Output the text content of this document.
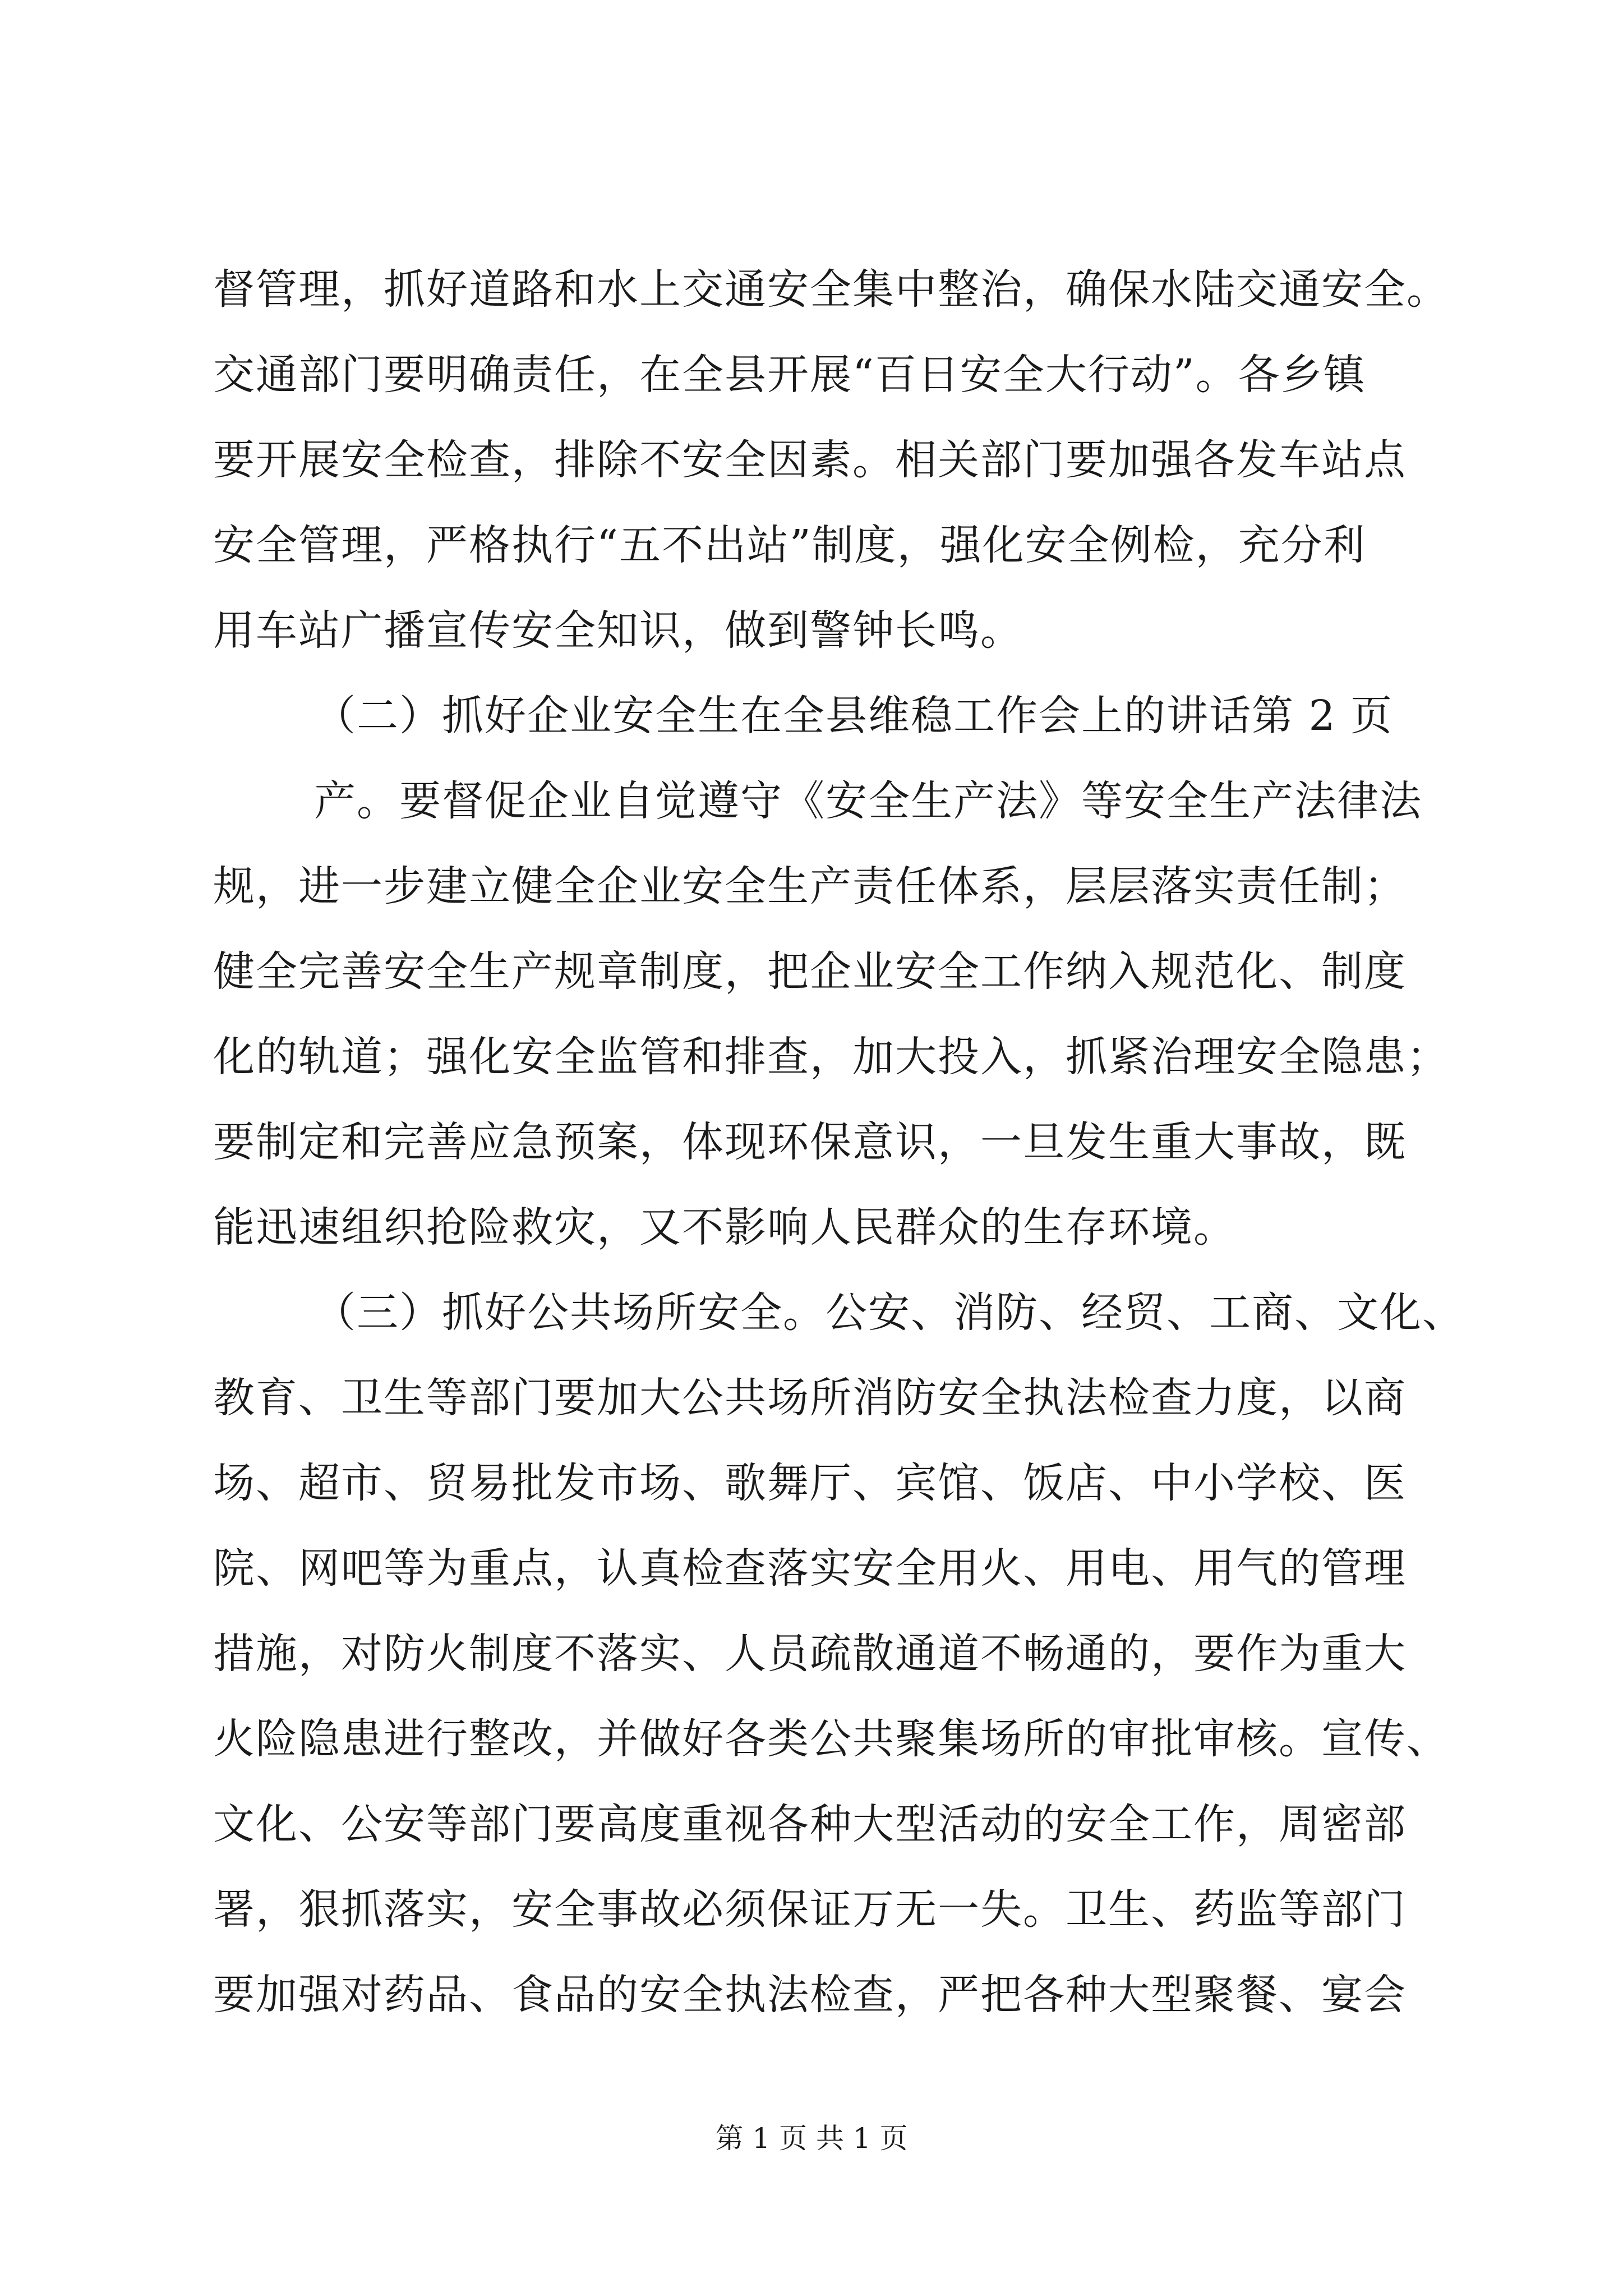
督管理，抓好道路和水上交通安全集中整治，确保水陆交通安全。
交通部门要明确责任，在全县开展“百日安全大行动”。各乡镇
要开展安全检查，排除不安全因素。相关部门要加强各发车站点
安全管理，严格执行“五不出站”制度，强化安全例检，充分利
用车站广播宣传安全知识，做到警钟长鸣。
（二）抓好企业安全生在全县维稳工作会上的讲话第 2 页
产。要督促企业自觉遵守《安全生产法》等安全生产法律法
规，进一步建立健全企业安全生产责任体系，层层落实责任制；
健全完善安全生产规章制度，把企业安全工作纳入规范化、制度
化的轨道；强化安全监管和排查，加大投入，抓紧治理安全隐患；
要制定和完善应急预案，体现环保意识，一旦发生重大事故，既
能迅速组织抢险救灾，又不影响人民群众的生存环境。
（三）抓好公共场所安全。公安、消防、经贸、工商、文化、
教育、卫生等部门要加大公共场所消防安全执法检查力度，以商
场、超市、贸易批发市场、歌舞厅、宾馆、饭店、中小学校、医
院、网吧等为重点，认真检查落实安全用火、用电、用气的管理
措施，对防火制度不落实、人员疏散通道不畅通的，要作为重大
火险隐患进行整改，并做好各类公共聚集场所的审批审核。宣传、
文化、公安等部门要高度重视各种大型活动的安全工作，周密部
署，狠抓落实，安全事故必须保证万无一失。卫生、药监等部门
要加强对药品、食品的安全执法检查，严把各种大型聚餐、宴会
第 1 页 共 1 页
